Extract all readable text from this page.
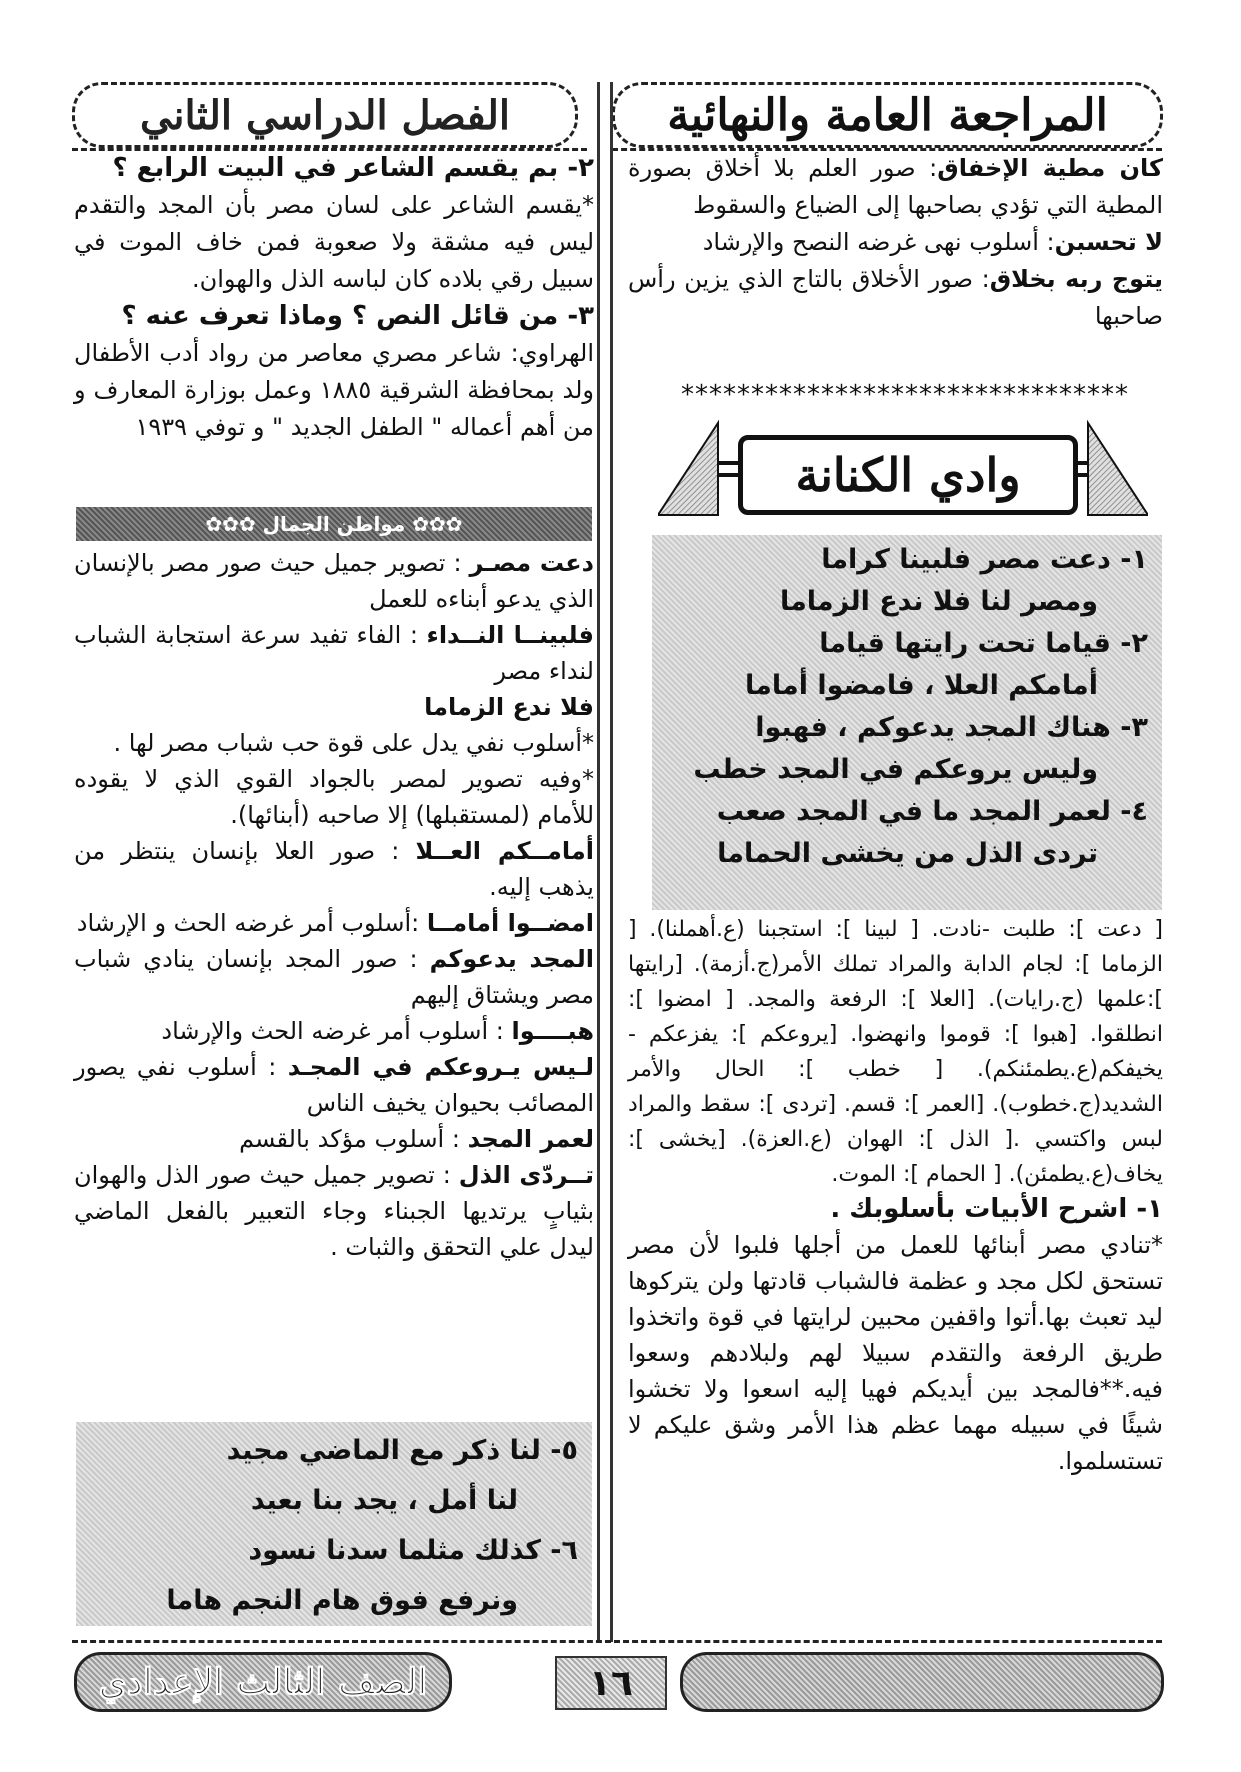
المراجعة العامة والنهائية
الفصل الدراسي الثاني

كان مطية الإخفاق: صور العلم بلا أخلاق بصورة المطية التي تؤدي بصاحبها إلى الضياع والسقوط

لا تحسبن: أسلوب نهى غرضه النصح والإرشاد

يتوج ربه بخلاق: صور الأخلاق بالتاج الذي يزين رأس صاحبها

********************************
وادي الكنانة
١- دعت مصر فلبينا كراما
ومصر لنا فلا ندع الزماما
٢- قياما تحت رايتها قياما
أمامكم العلا ، فامضوا أماما
٣- هناك المجد يدعوكم ، فهبوا
وليس يروعكم في المجد خطب
٤- لعمر المجد ما في المجد صعب
تردى الذل من يخشى الحماما

[ دعت ]: طلبت -نادت. [ لبينا ]: استجبنا (ع.أهملنا). [ الزماما ]: لجام الدابة والمراد تملك الأمر(ج.أزمة). [رايتها ]:علمها (ج.رايات). [العلا ]: الرفعة والمجد. [ امضوا ]: انطلقوا. [هبوا ]: قوموا وانهضوا. [يروعكم ]: يفزعكم - يخيفكم(ع.يطمئنكم). [ خطب ]: الحال والأمر الشديد(ج.خطوب). [العمر ]: قسم. [تردى ]: سقط والمراد لبس واكتسي .[ الذل ]: الهوان (ع.العزة). [يخشى ]: يخاف(ع.يطمئن). [ الحمام ]: الموت.

١- اشرح الأبيات بأسلوبك .

*تنادي مصر أبنائها للعمل من أجلها فلبوا لأن مصر تستحق لكل مجد و عظمة فالشباب قادتها ولن يتركوها ليد تعبث بها.أتوا واقفين محبين لرايتها في قوة واتخذوا طريق الرفعة والتقدم سبيلا لهم ولبلادهم وسعوا فيه.**فالمجد بين أيديكم فهيا إليه اسعوا ولا تخشوا شيئًا في سبيله مهما عظم هذا الأمر وشق عليكم لا تستسلموا.

٢- بم يقسم الشاعر في البيت الرابع ؟

*يقسم الشاعر على لسان مصر بأن المجد والتقدم ليس فيه مشقة ولا صعوبة فمن خاف الموت في سبيل رقي بلاده كان لباسه الذل والهوان.

٣- من قائل النص ؟ وماذا تعرف عنه ؟

الهراوي: شاعر مصري معاصر من رواد أدب الأطفال ولد بمحافظة الشرقية ١٨٨٥ وعمل بوزارة المعارف و من أهم أعماله " الطفل الجديد " و توفي ١٩٣٩

✿✿✿ مواطن الجمال ✿✿✿

دعت مصـر : تصوير جميل حيث صور مصر بالإنسان الذي يدعو أبناءه للعمل

فلبينــا النــداء : الفاء تفيد سرعة استجابة الشباب لنداء مصر

فلا ندع الزماما

*أسلوب نفي يدل على قوة حب شباب مصر لها .

*وفيه تصوير لمصر بالجواد القوي الذي لا يقوده للأمام (لمستقبلها) إلا صاحبه (أبنائها).

أمامــكم العــلا : صور العلا بإنسان ينتظر من يذهب إليه.

امضــوا أمامــا :أسلوب أمر غرضه الحث و الإرشاد

المجد يدعوكم : صور المجد بإنسان ينادي شباب مصر ويشتاق إليهم

هبــــوا : أسلوب أمر غرضه الحث والإرشاد

لـيس يـروعكم في المجـد : أسلوب نفي يصور المصائب بحيوان يخيف الناس

لعمر المجد : أسلوب مؤكد بالقسم

تــردّى الذل : تصوير جميل حيث صور الذل والهوان بثيابٍ يرتديها الجبناء وجاء التعبير بالفعل الماضي ليدل علي التحقق والثبات .

٥- لنا ذكر مع الماضي مجيد
لنا أمل ، يجد بنا بعيد
٦- كذلك مثلما سدنا نسود
ونرفع فوق هام النجم هاما
١٦
الصف الثالث الإعدادي
